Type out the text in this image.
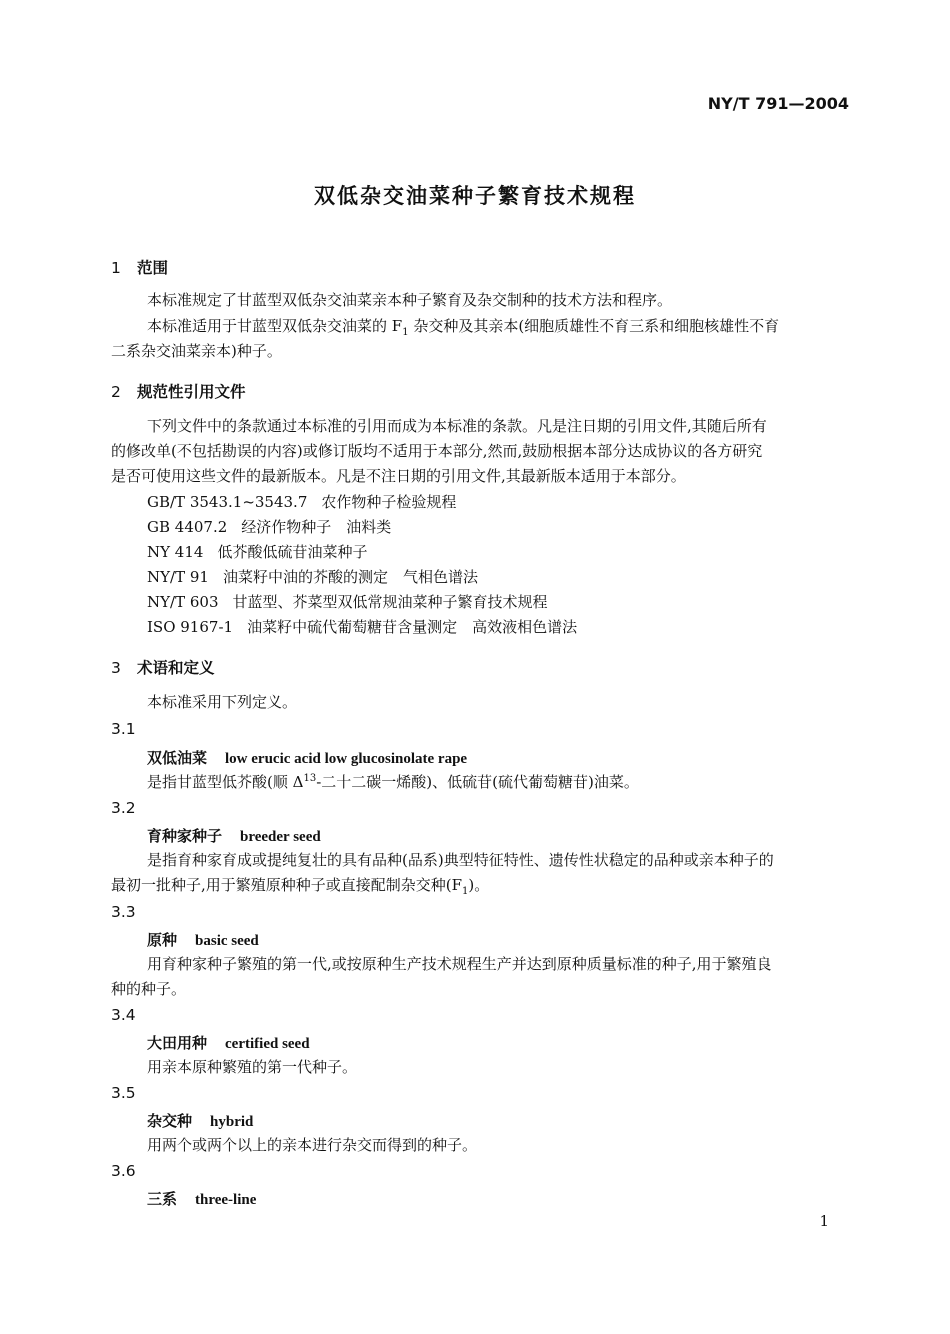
NY/T 791—2004
双低杂交油菜种子繁育技术规程
1 范围
本标准规定了甘蓝型双低杂交油菜亲本种子繁育及杂交制种的技术方法和程序。
本标准适用于甘蓝型双低杂交油菜的 $F_1$ 杂交种及其亲本(细胞质雄性不育三系和细胞核雄性不育
二系杂交油菜亲本)种子。
2 规范性引用文件
下列文件中的条款通过本标准的引用而成为本标准的条款。凡是注日期的引用文件,其随后所有
的修改单(不包括勘误的内容)或修订版均不适用于本部分,然而,鼓励根据本部分达成协议的各方研究
是否可使用这些文件的最新版本。凡是不注日期的引用文件,其最新版本适用于本部分。
GB/T 3543.1~3543.7 农作物种子检验规程
GB 4407.2 经济作物种子　油料类
NY 414 低芥酸低硫苷油菜种子
NY/T 91 油菜籽中油的芥酸的测定　气相色谱法
NY/T 603 甘蓝型、芥菜型双低常规油菜种子繁育技术规程
ISO 9167-1 油菜籽中硫代葡萄糖苷含量测定　高效液相色谱法
3 术语和定义
本标准采用下列定义。
3.1
双低油菜 low erucic acid low glucosinolate rape
是指甘蓝型低芥酸(顺 $\Delta^{13}-$二十二碳一烯酸)、低硫苷(硫代葡萄糖苷)油菜。
3.2
育种家种子 breeder seed
是指育种家育成或提纯复壮的具有品种(品系)典型特征特性、遗传性状稳定的品种或亲本种子的
最初一批种子,用于繁殖原种种子或直接配制杂交种$(F_1)$。
3.3
原种 basic seed
用育种家种子繁殖的第一代,或按原种生产技术规程生产并达到原种质量标准的种子,用于繁殖良
种的种子。
3.4
大田用种 certified seed
用亲本原种繁殖的第一代种子。
3.5
杂交种 hybrid
用两个或两个以上的亲本进行杂交而得到的种子。
3.6
三系 three-line
1
